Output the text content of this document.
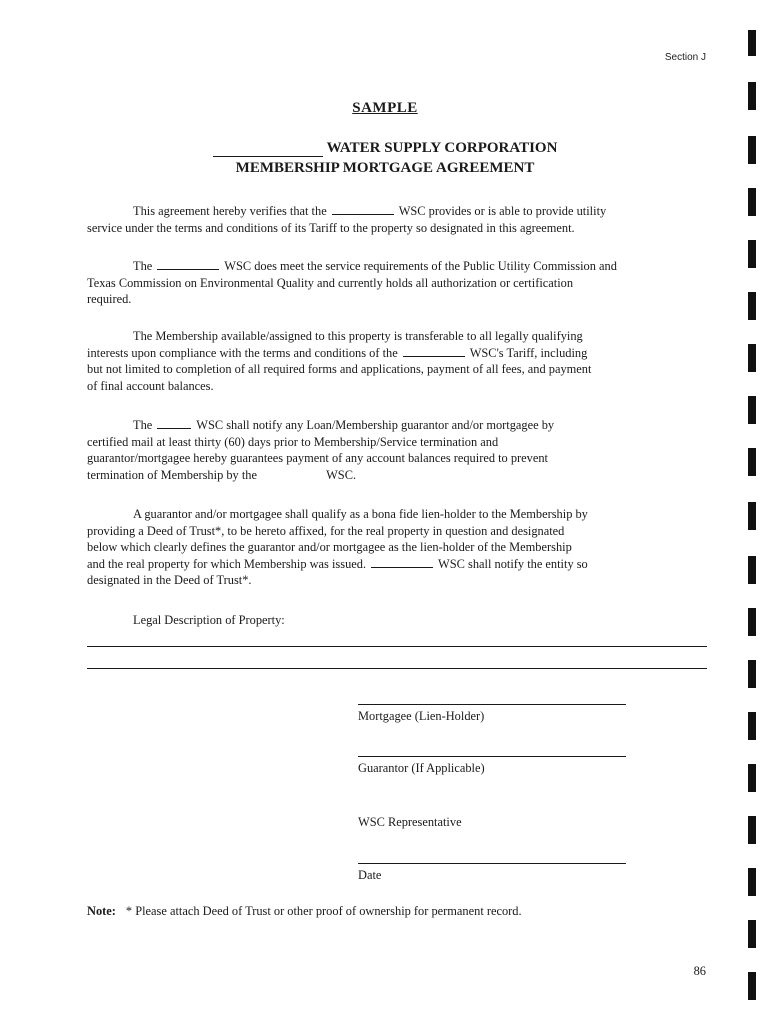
Section J
SAMPLE
WATER SUPPLY CORPORATION
MEMBERSHIP MORTGAGE AGREEMENT
This agreement hereby verifies that the	WSC provides or is able to provide utility
service under the terms and conditions of its Tariff to the property so designated in this agreement.
The	WSC does meet the service requirements of the Public Utility Commission and
Texas Commission on Environmental Quality and currently holds all authorization or certification
required.
The Membership available/assigned to this property is transferable to all legally qualifying
interests upon compliance with the terms and conditions of the	WSC's Tariff, including
but not limited to completion of all required forms and applications, payment of all fees, and payment
of final account balances.
The	WSC shall notify any Loan/Membership guarantor and/or mortgagee by
certified mail at least thirty (60) days prior to Membership/Service termination and
guarantor/mortgagee hereby guarantees payment of any account balances required to prevent
termination of Membership by the	WSC.
A guarantor and/or mortgagee shall qualify as a bona fide lien-holder to the Membership by
providing a Deed of Trust*, to be hereto affixed, for the real property in question and designated
below which clearly defines the guarantor and/or mortgagee as the lien-holder of the Membership
and the real property for which Membership was issued.	WSC shall notify the entity so
designated in the Deed of Trust*.
Legal Description of Property:
Mortgagee (Lien-Holder)
Guarantor (If Applicable)
WSC Representative
Date
Note: * Please attach Deed of Trust or other proof of ownership for permanent record.
86
